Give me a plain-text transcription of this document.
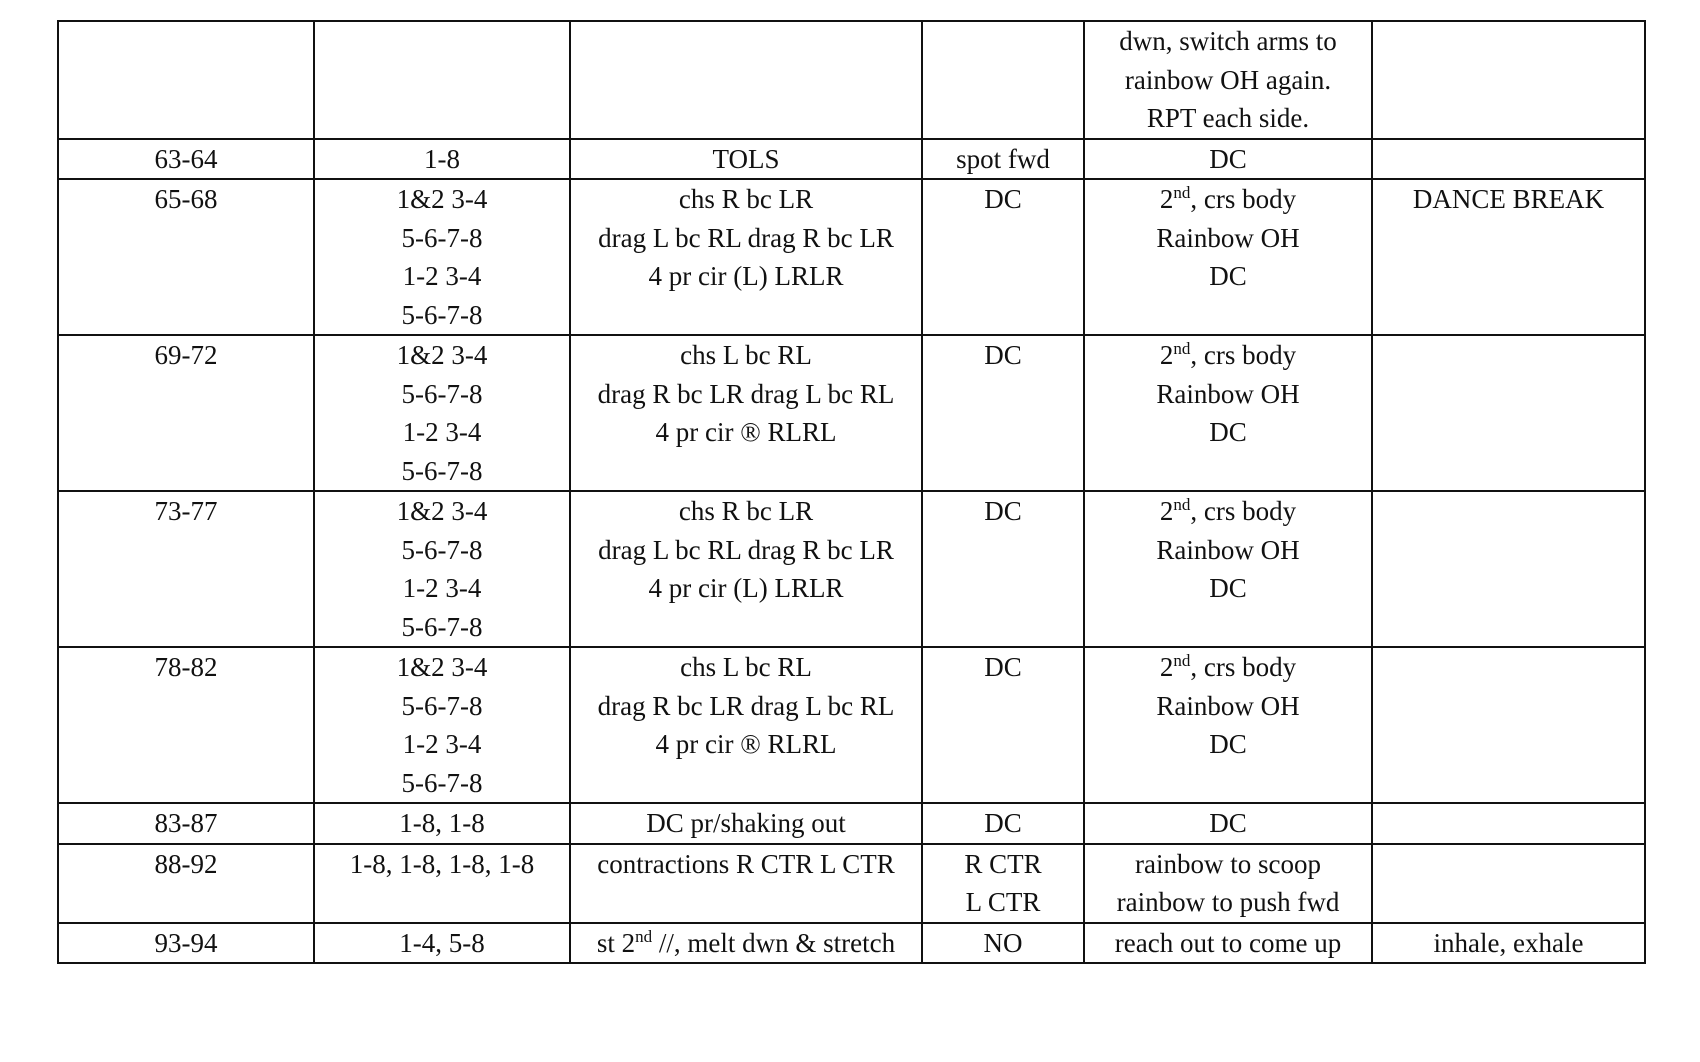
				dwn, switch arms to
rainbow OH again.
RPT each side.	

63-64	1-8	TOLS	spot fwd	DC	

65-68	1&2 3-4
5-6-7-8
1-2 3-4
5-6-7-8	chs R bc LR
drag L bc RL drag R bc LR
4 pr cir (L) LRLR	DC	2nd, crs body
Rainbow OH
DC	DANCE BREAK

69-72	1&2 3-4
5-6-7-8
1-2 3-4
5-6-7-8	chs L bc RL
drag R bc LR drag L bc RL
4 pr cir ® RLRL	DC	2nd, crs body
Rainbow OH
DC	

73-77	1&2 3-4
5-6-7-8
1-2 3-4
5-6-7-8	chs R bc LR
drag L bc RL drag R bc LR
4 pr cir (L) LRLR	DC	2nd, crs body
Rainbow OH
DC	

78-82	1&2 3-4
5-6-7-8
1-2 3-4
5-6-7-8	chs L bc RL
drag R bc LR drag L bc RL
4 pr cir ® RLRL	DC	2nd, crs body
Rainbow OH
DC	

83-87	1-8, 1-8	DC pr/shaking out	DC	DC	

88-92	1-8, 1-8, 1-8, 1-8	contractions R CTR L CTR	R CTR
L CTR	rainbow to scoop
rainbow to push fwd	

93-94	1-4, 5-8	st 2nd //, melt dwn & stretch	NO	reach out to come up	inhale, exhale
